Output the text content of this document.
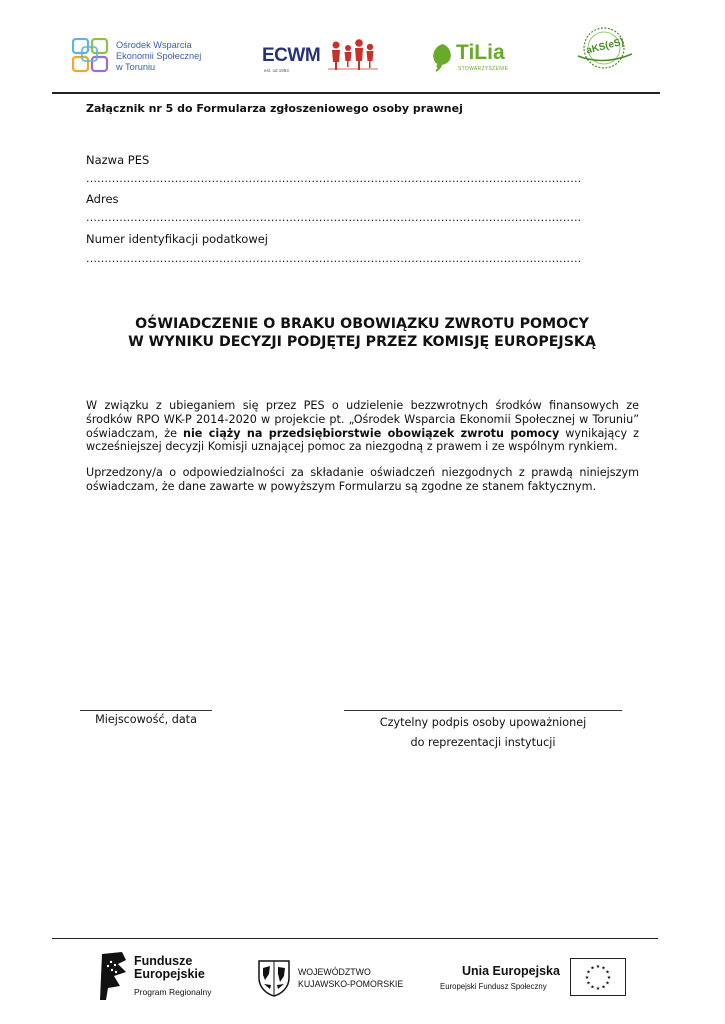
Ośrodek Wsparcia
Ekonomii Społecznej
w Toruniu
ECWM
est. od 1993
TiLia
STOWARZYSZENIE
aKS(eS)
Załącznik nr 5 do Formularza zgłoszeniowego osoby prawnej
Nazwa PES
......................................................................................................................................
Adres
......................................................................................................................................
Numer identyfikacji podatkowej
......................................................................................................................................
OŚWIADCZENIE O BRAKU OBOWIĄZKU ZWROTU POMOCY
W WYNIKU DECYZJI PODJĘTEJ PRZEZ KOMISJĘ EUROPEJSKĄ
W związku z ubieganiem się przez PES o udzielenie bezzwrotnych środków finansowych ze środków RPO WK-P 2014-2020 w projekcie pt. „Ośrodek Wsparcia Ekonomii Społecznej w Toruniu” oświadczam, że nie ciąży na przedsiębiorstwie obowiązek zwrotu pomocy wynikający z wcześniejszej decyzji Komisji uznającej pomoc za niezgodną z prawem i ze wspólnym rynkiem.
Uprzedzony/a o odpowiedzialności za składanie oświadczeń niezgodnych z prawdą niniejszym oświadczam, że dane zawarte w powyższym Formularzu są zgodne ze stanem faktycznym.
Miejscowość, data	Czytelny podpis osoby upoważnionej
do reprezentacji instytucji
Fundusze
Europejskie
Program Regionalny
WOJEWÓDZTWO
KUJAWSKO-POMORSKIE
Unia Europejska
Europejski Fundusz Społeczny
★
★
★
★
★
★
★
★
★ ★ ★
★
